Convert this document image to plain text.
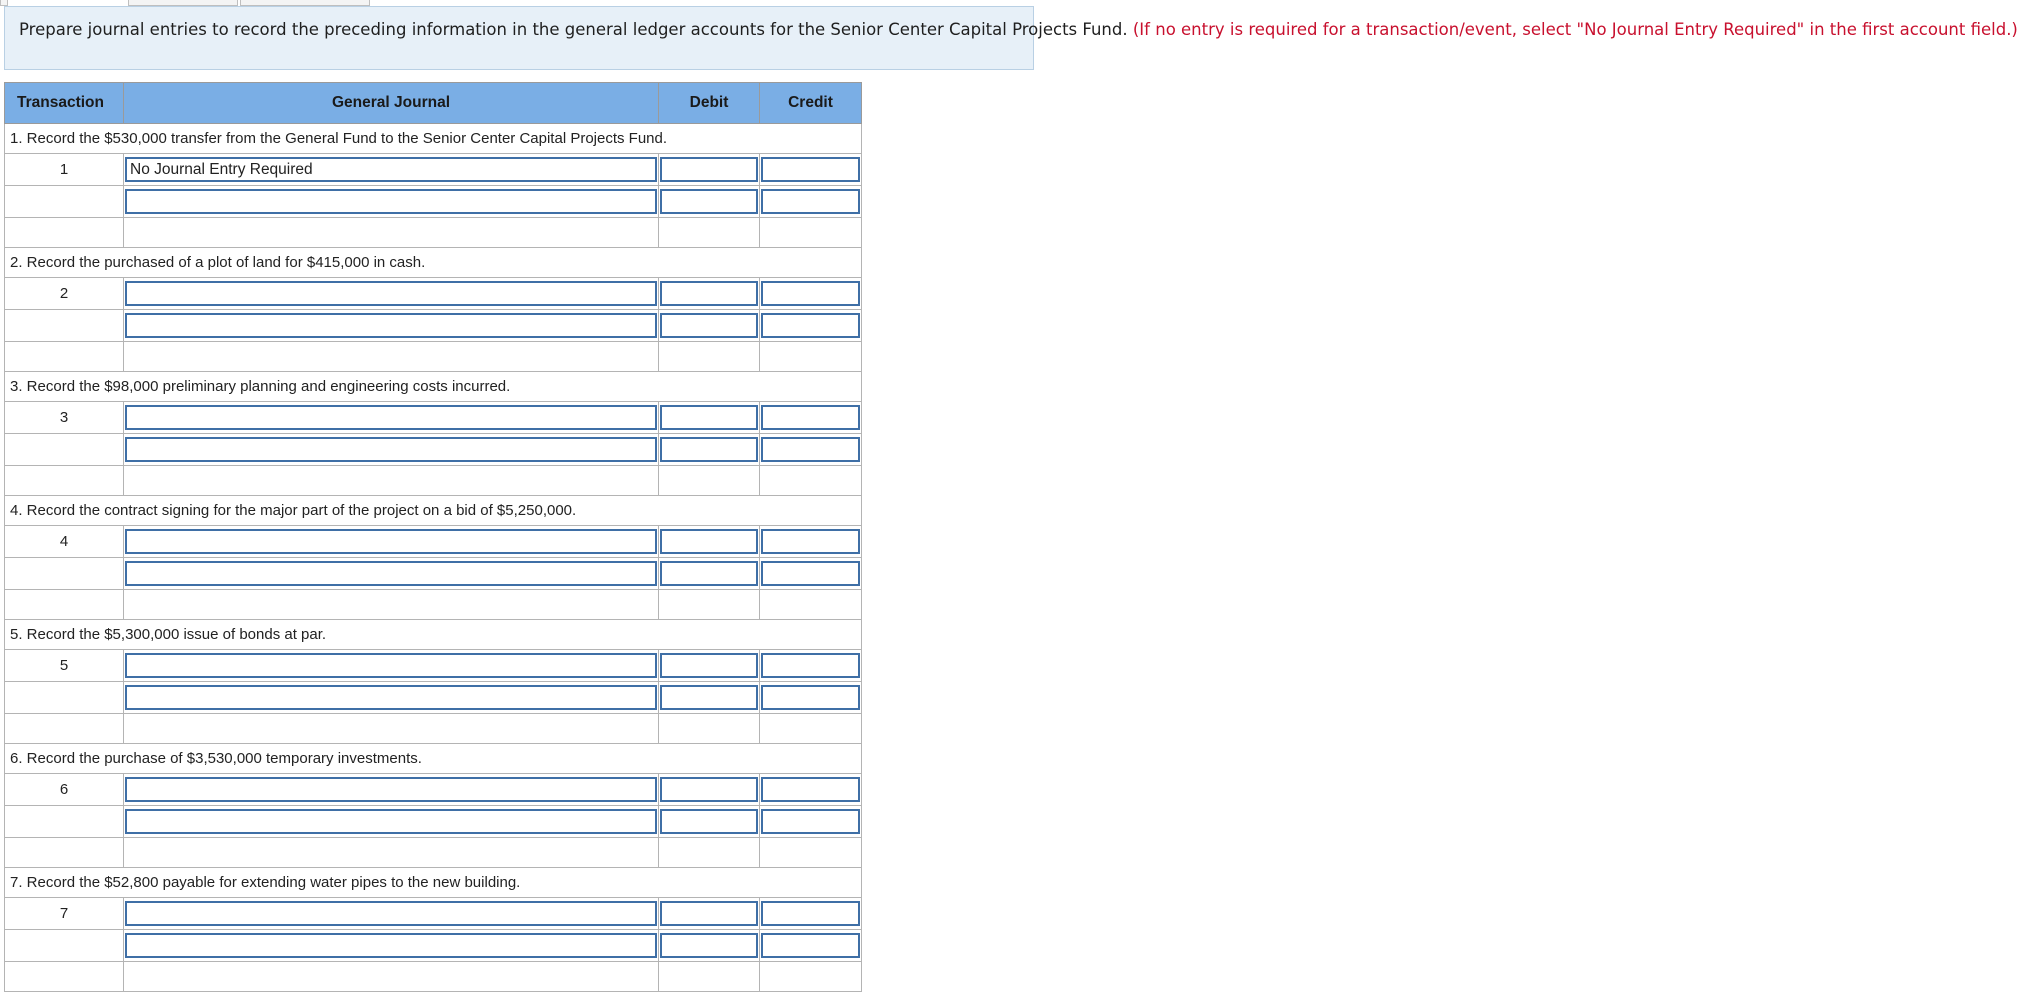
Prepare journal entries to record the preceding information in the general ledger accounts for the Senior Center Capital Projects Fund. (If no entry is required for a transaction/event, select "No Journal Entry Required" in the first account field.)
Transaction	General Journal	Debit	Credit
1. Record the $530,000 transfer from the General Fund to the Senior Center Capital Projects Fund.			
1	No Journal Entry Required		

2. Record the purchased of a plot of land for $415,000 in cash.			
2	

3. Record the $98,000 preliminary planning and engineering costs incurred.			
3	

4. Record the contract signing for the major part of the project on a bid of $5,250,000.			
4	

5. Record the $5,300,000 issue of bonds at par.			
5	

6. Record the purchase of $3,530,000 temporary investments.			
6	

7. Record the $52,800 payable for extending water pipes to the new building.			
7	
